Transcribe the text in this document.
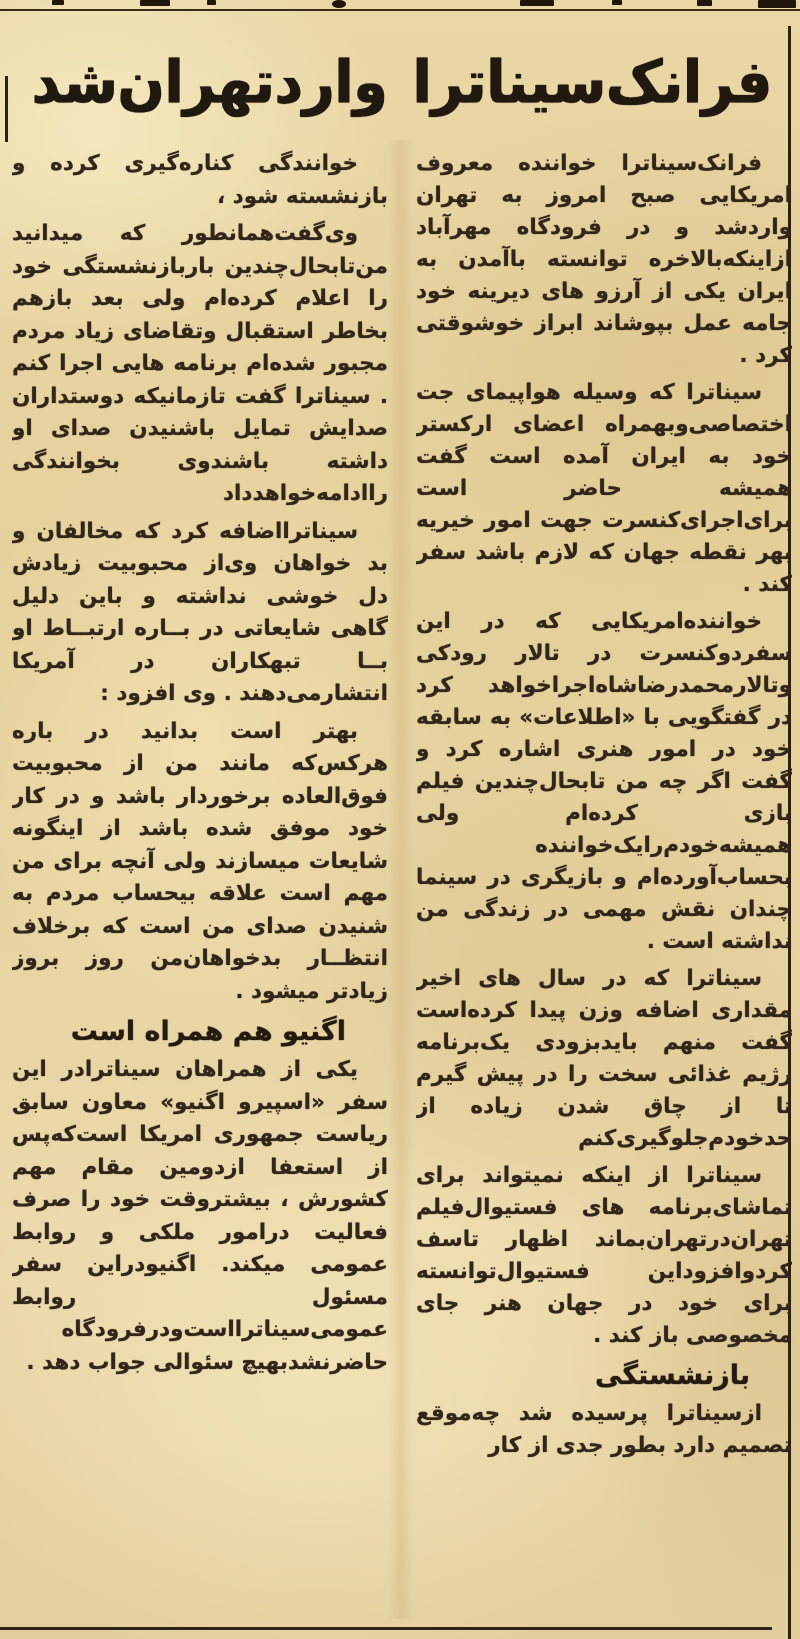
فرانک‌سیناترا واردتهران‌شد

فرانک‌سیناترا خواننده معروف امریکایی صبح امروز به تهران واردشد و در فرودگاه مهرآباد ازاینکه‌بالاخره توانسته باآمدن به ایران یکی از آرزو های دیرینه خود جامه عمل بپوشاند ابراز خوشوقتی کرد .

سیناترا که وسیله هواپیمای جت اختصاصی‌وبهمراه اعضای ارکستر خود به ایران آمده است گفت همیشه حاضر است برای‌اجرای‌کنسرت جهت امور خیریه بهر نقطه جهان که لازم باشد سفر کند .

خواننده‌امریکایی که در این سفردوکنسرت در تالار رودکی وتالارمحمدرضاشاه‌اجراخواهد کرد در گفتگویی با «اطلاعات» به سابقه خود در امور هنری اشاره کرد و گفت اگر چه من تابحال‌چندین فیلم بازی کرده‌ام ولی همیشه‌خودم‌رایک‌خواننده بحساب‌آورده‌ام و بازیگری در سینما چندان نقش مهمی در زندگی من نداشته است .

سیناترا که در سال های اخیر مقداری اضافه وزن پیدا کرده‌است گفت منهم بایدبزودی یک‌برنامه رژیم غذائی سخت را در پیش گیرم تا از چاق شدن زیاده از حدخودم‌جلوگیری‌کنم

سیناترا از اینکه نمیتواند برای تماشای‌برنامه های فستیوال‌فیلم تهران‌درتهران‌بماند اظهار تاسف کردوافزوداین فستیوال‌توانسته برای خود در جهان هنر جای مخصوصی باز کند .

بازنشستگی

ازسیناترا پرسیده شد چه‌موقع تصمیم دارد بطور جدی از کار

خوانندگی کناره‌گیری کرده و بازنشسته شود ،

وی‌گفت‌همانطور که میدانید من‌تابحال‌چندین باربازنشستگی خود را اعلام کرده‌ام ولی بعد بازهم بخاطر استقبال وتقاضای زیاد مردم مجبور شده‌ام برنامه هایی اجرا کنم . سیناترا گفت تازمانیکه دوستداران صدایش تمایل باشنیدن صدای او داشته باشندوی بخوانندگی راادامه‌خواهدداد

سیناترااضافه کرد که مخالفان و بد خواهان وی‌از محبوبیت زیادش دل خوشی نداشته و باین دلیل گاهی شایعاتی در بــاره ارتبــاط او بــا تبهکاران در آمریکا انتشارمی‌دهند . وی افزود :

بهتر است بدانید در باره هرکس‌که مانند من از محبوبیت فوق‌العاده برخوردار باشد و در کار خود موفق شده باشد از اینگونه شایعات میسازند ولی آنچه برای من مهم است علاقه بیحساب مردم به شنیدن صدای من است که برخلاف انتظــار بدخواهان‌من روز بروز زیادتر میشود .

اگنیو هم همراه است

یکی از همراهان سیناترادر این سفر «اسپیرو اگنیو» معاون سابق ریاست جمهوری امریکا است‌که‌پس از استعفا ازدومین مقام مهم کشورش ، بیشتروقت خود را صرف فعالیت درامور ملکی و روابط عمومی میکند. اگنیودراین سفر مسئول روابط عمومی‌سیناترااست‌ودرفرودگاه حاضرنشدبهیچ سئوالی جواب دهد .
